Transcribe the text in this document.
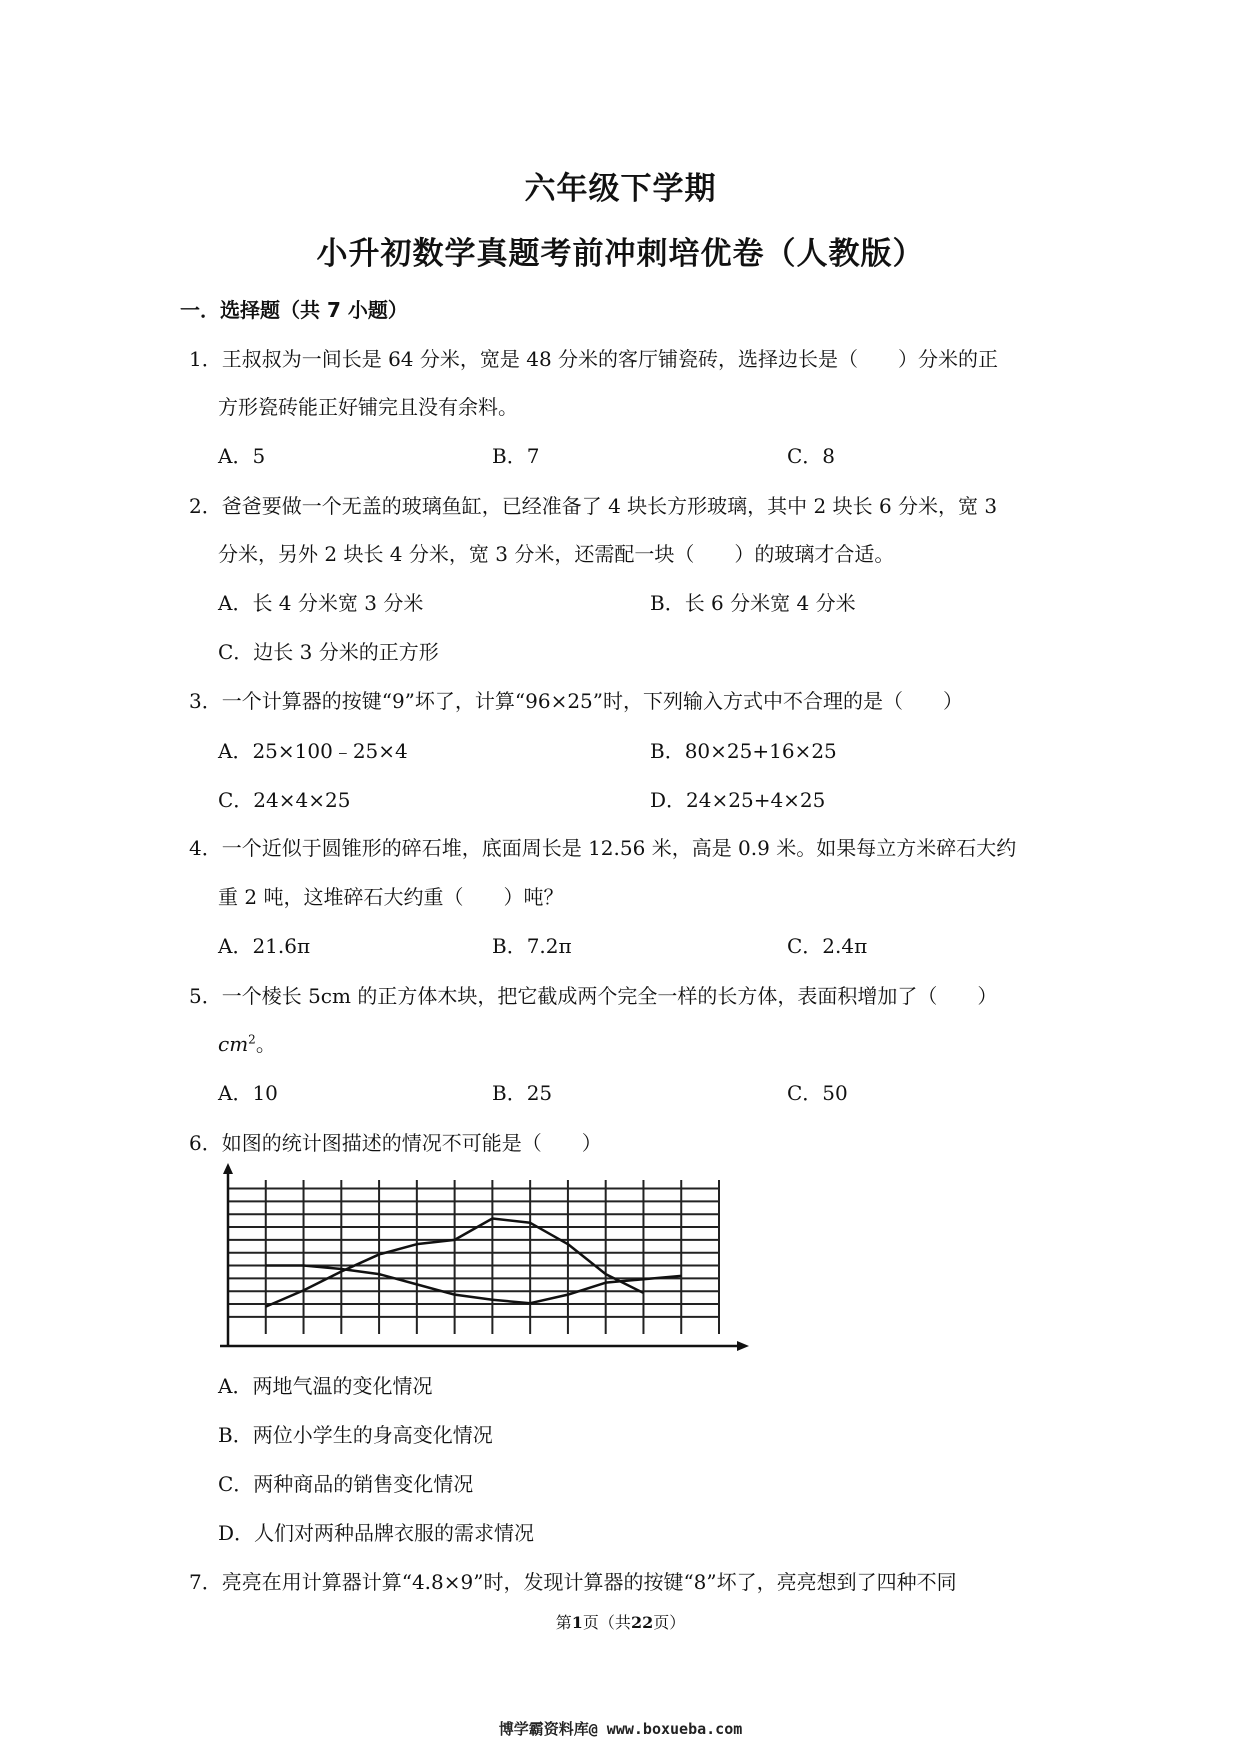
六年级下学期
小升初数学真题考前冲刺培优卷（人教版）
一．选择题（共 7 小题）
1．王叔叔为一间长是 64 分米，宽是 48 分米的客厅铺瓷砖，选择边长是（　　）分米的正
方形瓷砖能正好铺完且没有余料。
A．5	B．7	C．8
2．爸爸要做一个无盖的玻璃鱼缸，已经准备了 4 块长方形玻璃，其中 2 块长 6 分米，宽 3
分米，另外 2 块长 4 分米，宽 3 分米，还需配一块（　　）的玻璃才合适。
A．长 4 分米宽 3 分米	B．长 6 分米宽 4 分米
C．边长 3 分米的正方形
3．一个计算器的按键“9”坏了，计算“96×25”时，下列输入方式中不合理的是（　　）
A．25×100﹣25×4	B．80×25+16×25
C．24×4×25	D．24×25+4×25
4．一个近似于圆锥形的碎石堆，底面周长是 12.56 米，高是 0.9 米。如果每立方米碎石大约
重 2 吨，这堆碎石大约重（　　）吨？
A．21.6π	B．7.2π	C．2.4π
5．一个棱长 5cm 的正方体木块，把它截成两个完全一样的长方体，表面积增加了（　　）
$cm^2$。
A．10	B．25	C．50
6．如图的统计图描述的情况不可能是（　　）
A．两地气温的变化情况
B．两位小学生的身高变化情况
C．两种商品的销售变化情况
D．人们对两种品牌衣服的需求情况
7．亮亮在用计算器计算“4.8×9”时，发现计算器的按键“8”坏了，亮亮想到了四种不同
第1页（共22页）
博学霸资料库@ www.boxueba.com
